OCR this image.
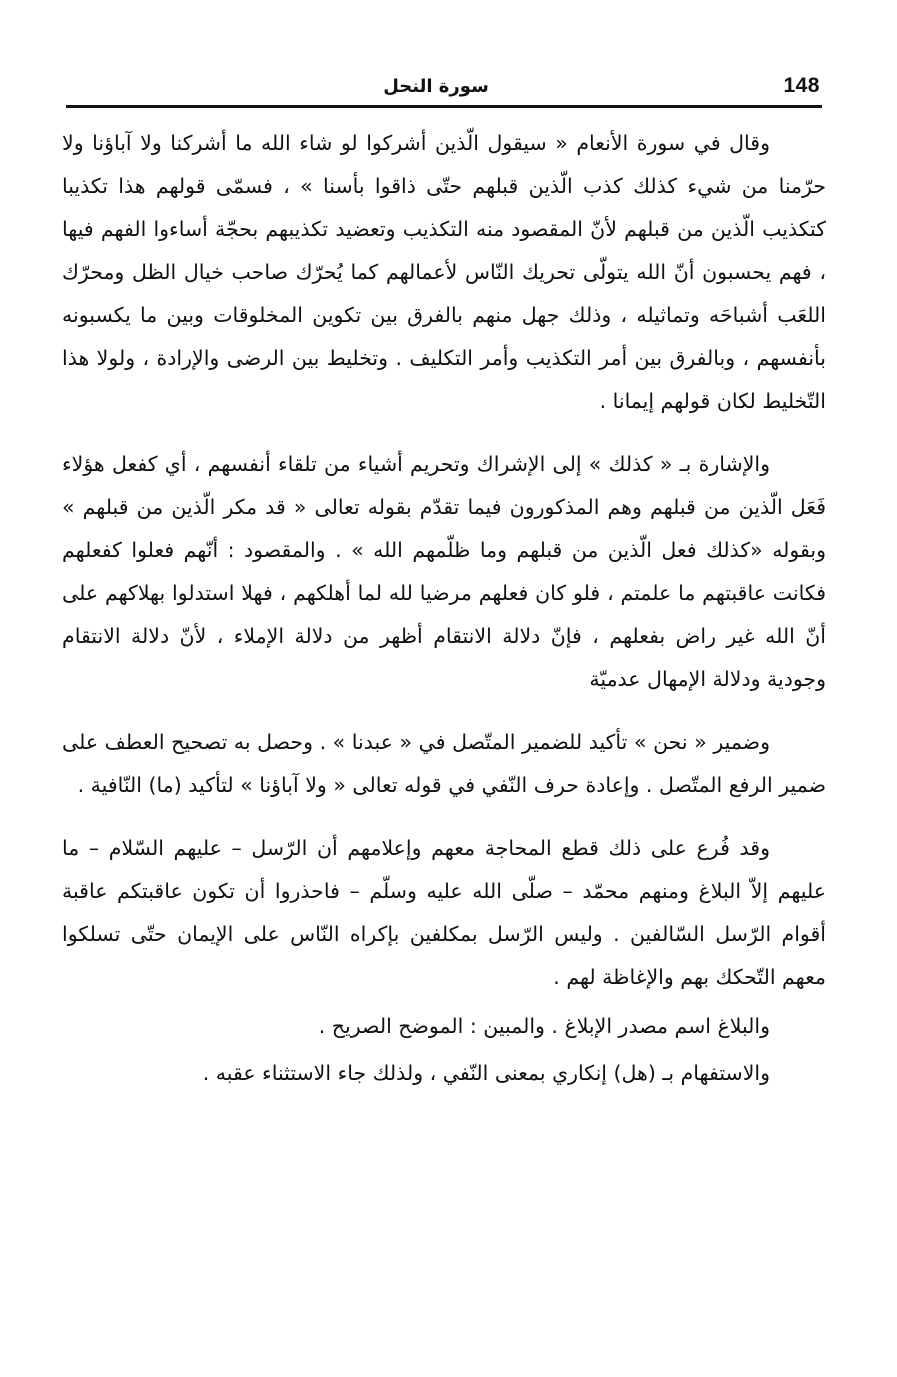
148
سورة النحل

وقال في سورة الأنعام « سيقول الّذين أشركوا لو شاء الله ما أشركنا ولا آباؤنا ولا حرّمنا من شيء كذلك كذب الّذين قبلهم حتّى ذاقوا بأسنا » ، فسمّى قولهم هذا تكذيبا كتكذيب الّذين من قبلهم لأنّ المقصود منه التكذيب وتعضيد تكذيبهم بحجّة أساءوا الفهم فيها ، فهم يحسبون أنّ الله يتولّى تحريك النّاس لأعمالهم كما يُحرّك صاحب خيال الظل ومحرّك اللعَب أشباحَه وتماثيله ، وذلك جهل منهم بالفرق بين تكوين المخلوقات وبين ما يكسبونه بأنفسهم ، وبالفرق بين أمر التكذيب وأمر التكليف . وتخليط بين الرضى والإرادة ، ولولا هذا التّخليط لكان قولهم إيمانا .

والإشارة بـ « كذلك » إلى الإشراك وتحريم أشياء من تلقاء أنفسهم ، أي كفعل هؤلاء فَعَل الّذين من قبلهم وهم المذكورون فيما تقدّم بقوله تعالى « قد مكر الّذين من قبلهم » وبقوله «كذلك فعل الّذين من قبلهم وما ظلّمهم الله » . والمقصود : أنّهم فعلوا كفعلهم فكانت عاقبتهم ما علمتم ، فلو كان فعلهم مرضيا لله لما أهلكهم ، فهلا استدلوا بهلاكهم على أنّ الله غير راض بفعلهم ، فإنّ دلالة الانتقام أظهر من دلالة الإملاء ، لأنّ دلالة الانتقام وجودية ودلالة الإمهال عدميّة

وضمير « نحن » تأكيد للضمير المتّصل في « عبدنا » . وحصل به تصحيح العطف على ضمير الرفع المتّصل . وإعادة حرف النّفي في قوله تعالى « ولا آباؤنا » لتأكيد (ما) النّافية .

وقد فُرع على ذلك قطع المحاجة معهم وإعلامهم أن الرّسل – عليهم السّلام – ما عليهم إلاّ البلاغ ومنهم محمّد – صلّى الله عليه وسلّم – فاحذروا أن تكون عاقبتكم عاقبة أقوام الرّسل السّالفين . وليس الرّسل بمكلفين بإكراه النّاس على الإيمان حتّى تسلكوا معهم التّحكك بهم والإغاظة لهم .

والبلاغ اسم مصدر الإبلاغ . والمبين : الموضح الصريح .

والاستفهام بـ (هل) إنكاري بمعنى النّفي ، ولذلك جاء الاستثناء عقبه .
